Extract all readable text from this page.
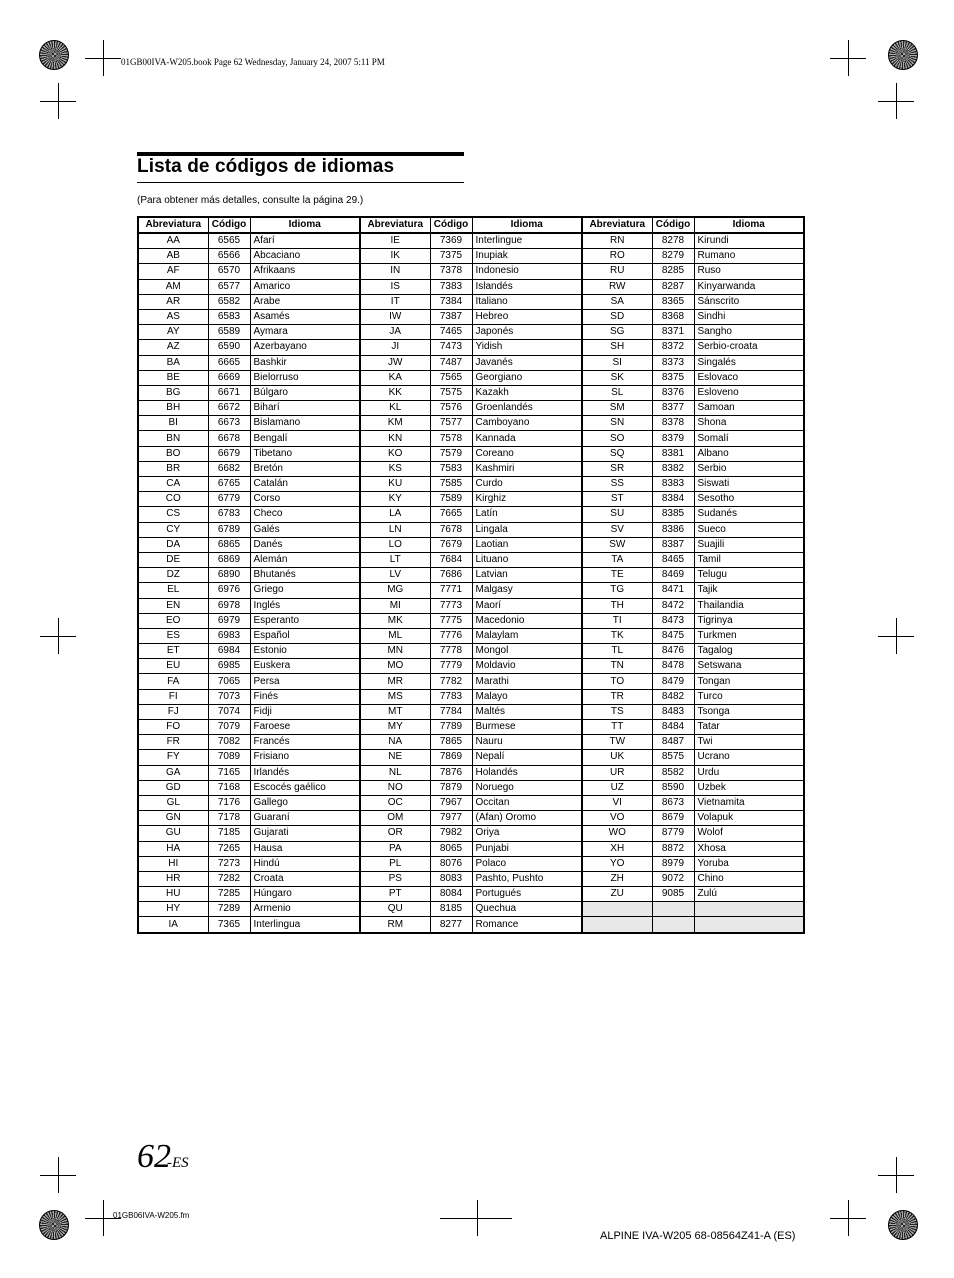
01GB00IVA-W205.book Page 62 Wednesday, January 24, 2007 5:11 PM
Lista de códigos de idiomas
(Para obtener más detalles, consulte la página 29.)
Abreviatura	Código	Idioma	Abreviatura	Código	Idioma	Abreviatura	Código	Idioma
AA	6565	Afarí	IE	7369	Interlingue	RN	8278	Kirundi
AB	6566	Abcaciano	IK	7375	Inupiak	RO	8279	Rumano
AF	6570	Afrikaans	IN	7378	Indonesio	RU	8285	Ruso
AM	6577	Amarico	IS	7383	Islandés	RW	8287	Kinyarwanda
AR	6582	Arabe	IT	7384	Italiano	SA	8365	Sánscrito
AS	6583	Asamés	IW	7387	Hebreo	SD	8368	Sindhi
AY	6589	Aymara	JA	7465	Japonés	SG	8371	Sangho
AZ	6590	Azerbayano	JI	7473	Yidish	SH	8372	Serbio-croata
BA	6665	Bashkir	JW	7487	Javanés	SI	8373	Singalés
BE	6669	Bielorruso	KA	7565	Georgiano	SK	8375	Eslovaco
BG	6671	Búlgaro	KK	7575	Kazakh	SL	8376	Esloveno
BH	6672	Biharí	KL	7576	Groenlandés	SM	8377	Samoan
BI	6673	Bislamano	KM	7577	Camboyano	SN	8378	Shona
BN	6678	Bengalí	KN	7578	Kannada	SO	8379	Somalí
BO	6679	Tibetano	KO	7579	Coreano	SQ	8381	Albano
BR	6682	Bretón	KS	7583	Kashmiri	SR	8382	Serbio
CA	6765	Catalán	KU	7585	Curdo	SS	8383	Siswati
CO	6779	Corso	KY	7589	Kirghiz	ST	8384	Sesotho
CS	6783	Checo	LA	7665	Latín	SU	8385	Sudanés
CY	6789	Galés	LN	7678	Lingala	SV	8386	Sueco
DA	6865	Danés	LO	7679	Laotian	SW	8387	Suajili
DE	6869	Alemán	LT	7684	Lituano	TA	8465	Tamil
DZ	6890	Bhutanés	LV	7686	Latvian	TE	8469	Telugu
EL	6976	Griego	MG	7771	Malgasy	TG	8471	Tajik
EN	6978	Inglés	MI	7773	Maorí	TH	8472	Thailandia
EO	6979	Esperanto	MK	7775	Macedonio	TI	8473	Tigrinya
ES	6983	Español	ML	7776	Malaylam	TK	8475	Turkmen
ET	6984	Estonio	MN	7778	Mongol	TL	8476	Tagalog
EU	6985	Euskera	MO	7779	Moldavio	TN	8478	Setswana
FA	7065	Persa	MR	7782	Marathi	TO	8479	Tongan
FI	7073	Finés	MS	7783	Malayo	TR	8482	Turco
FJ	7074	Fidji	MT	7784	Maltés	TS	8483	Tsonga
FO	7079	Faroese	MY	7789	Burmese	TT	8484	Tatar
FR	7082	Francés	NA	7865	Nauru	TW	8487	Twi
FY	7089	Frisiano	NE	7869	Nepalí	UK	8575	Ucrano
GA	7165	Irlandés	NL	7876	Holandés	UR	8582	Urdu
GD	7168	Escocés gaélico	NO	7879	Noruego	UZ	8590	Uzbek
GL	7176	Gallego	OC	7967	Occitan	VI	8673	Vietnamita
GN	7178	Guaraní	OM	7977	(Afan) Oromo	VO	8679	Volapuk
GU	7185	Gujarati	OR	7982	Oriya	WO	8779	Wolof
HA	7265	Hausa	PA	8065	Punjabi	XH	8872	Xhosa
HI	7273	Hindú	PL	8076	Polaco	YO	8979	Yoruba
HR	7282	Croata	PS	8083	Pashto, Pushto	ZH	9072	Chino
HU	7285	Húngaro	PT	8084	Portugués	ZU	9085	Zulú
HY	7289	Armenio	QU	8185	Quechua			
IA	7365	Interlingua	RM	8277	Romance			
62
-ES
01GB06IVA-W205.fm
ALPINE IVA-W205 68-08564Z41-A (ES)
